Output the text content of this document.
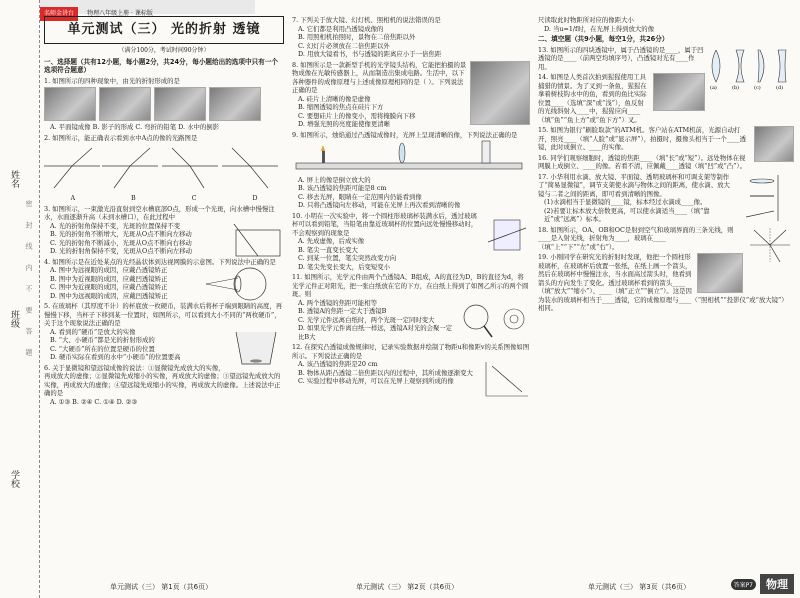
姓名
班级
学校
密 封 线 内 不 要 答 题
名师金讲台 物理八年级上册 · 课标版
单元测试（三） 光的折射 透镜
（满分100分，考试时间90分钟）
一、选择题（共有12小题，每小题2分，共24分，每小题给出的选项中只有一个选项符合题意）
1. 如图所示的四种现象中，由光的折射形成的是
A. 平面镜成像 B. 影子的形成 C. 弯折的铅笔 D. 水中的倒影
2. 如图所示，能正确表示看到水中A点的像的光路图是
A	B	C	D
3. 如图所示，一束激光沿直射到空水槽底部O点，形成一个光斑，向水槽中慢慢注水，水面逐渐升高（未到水槽口），在此过程中
A. 光的折射角保持不变，光斑的位置保持不变
B. 光的折射角不断增大，光斑从O点不断向左移动
C. 光的折射角不断减小，光斑从O点不断向右移动
D. 光的折射角保持不变，光斑从O点不断向左移动
4. 如图所示是在近处某点的光经晶状体到达视网膜的示意图。下列说法中正确的是
A. 图中为远视眼的成因，应戴凸透镜矫正
B. 图中为近视眼的成因，应戴凹透镜矫正
C. 图中为近视眼的成因，应戴凸透镜矫正
D. 图中为远视眼的成因，应戴凹透镜矫正
5. 在玻璃杯（其厚度不计）的杯底放一枚硬币，装满水后将杯子端到眼睛的高度，再慢慢下移，当杯子下移到某一位置时，如图所示，可以看到大小不同的“两枚硬币”，关于这个现象说法正确的是
A. 看到的“硬币”是放大的实像
B. “大、小硬币”都是光的折射形成的
C. “大硬币”所在的位置是硬币的位置
D. 硬币实际在看到的水中“小硬币”的位置要高
6. 关于显微镜和望远镜成像的说法：①显微镜先成放大的实像，再成放大的虚像；②显微镜先成缩小的实像，再成放大的虚像；③望远镜先成放大的实像，再成放大的虚像；④望远镜先成缩小的实像，再成放大的虚像。上述说法中正确的是
A. ①③ B. ②④ C. ①④ D. ②③
7. 下列关于放大镜、幻灯机、照相机的说法错误的是
A. 它们都是利用凸透镜成像的
B. 用照相机拍照时，景物在二倍焦距以外
C. 幻灯片必须放在二倍焦距以外
D. 用放大镜看书，书与透镜的距离应小于一倍焦距
8. 如图所示是一款新型手机的光学镜头结构，它能把拍摄的景物成像在光敏传感器上，从而制造出集成电路。生活中，以下各种器件的成像原理与上述成像原理相同的是（ ）。下列说法正确的是
A. 硅片上清晰的像是虚像
B. 缩图透镜的焦点在硅片下方
C. 要想硅片上的像变小，需将掩膜向下移
D. 增强光照的亮度能使像更清晰
9. 如图所示，烛焰通过凸透镜成像时，光屏上呈现清晰的像，下列说法正确的是
A. 屏上的像是倒立放大的
B. 该凸透镜的焦距可能是8 cm
C. 移去光屏，眼睛在一定范围内仍能看到像
D. 只将凸透镜向左移动，可能在光屏上再次看到清晰的像
10. 小明在一次实验中，将一个圆柱形玻璃杯装满水后，透过玻璃杯可以看到铅笔，当铅笔由靠近玻璃杯的位置向远处慢慢移动时，不会观察到的现象是
A. 先成虚像，后成实像
B. 笔尖一直变长变大
C. 到某一位置，笔尖突然改变方向
D. 笔尖先变长变大，后变短变小
11. 如图所示，光学元件由两个凸透镜A、B组成，A的直径为D，B的直径为d，将光学元件正对阳光，把一张白纸放在它的下方，在白纸上得到了如图乙所示的两个圆斑。则
A. 两个透镜的焦距可能相等
B. 透镜A的焦距一定大于透镜B
C. 光学元件远离白纸时，两个光斑一定同时变大
D. 如果光学元件离白纸一样远，透镜A对光的会聚一定比B大
12. 在探究凸透镜成像规律时，记录实验数据并绘制了物距u和像距v的关系图像如图所示。下列说法正确的是
A. 该凸透镜的焦距是20 cm
B. 物体从距凸透镜二倍焦距以内的过程中，其所成像逐渐变大
C. 实验过程中移动光屏，可以在光屏上观察到所成的像
尺读取此时物距所对应的像距大小
D. 当u=1/f时，在光屏上得到放大的像
二、填空题（共9小题，每空1分，共26分）
(a)	(b)	(c)	(d)
13. 如图所示的四块透镜中，属于凸透镜的是____，属于凹透镜的是____（前两空均填序号），凸透镜对光有____作用。
14. 如图是人类首次拍到猩猩使用工具捕猎的情景。为了叉到一条鱼，猩猩在拿着树枝钩水中的鱼，看到的鱼比实际位置____（选填“深”或“浅”），鱼反射的光线斜射入____中，猩猩应向____（填“鱼”“鱼上方”或“鱼下方”）叉。
15. 如图为银行“刷脸取款”的ATM机。客户站在ATM机前，光源自动打开，照亮____（填“人脸”或“显示屏”），拍摄时，摄像头相当于一个____透镜，此时成倒立、____的实像。
16. 同学们观察细胞时，透镜的焦距____（填“长”或“短”）。远处物体在视网膜上成倒立、____的像。若看不清，应佩戴____透镜（填“凹”或“凸”）。
17. 小华利用水滴、放大镜、平面镜、透明玻璃杯和可调支架等制作了“简易显微镜”，调节支架使水滴与物体之间的距离，使水滴、放大镜与二者之间的距离，即可看到清晰的图像。
(1)水滴相当于显微镜的____镜，标本经过水滴成____像。
(2)若要让标本放大倍数更高，可以使水滴适当____（填“靠近”或“远离”）标本。
18. 如图所示，OA、OB和OC是射到空气和玻璃界面的三条光线，则____是入射光线，折射角为____，玻璃在____（填“上”“下”“左”或“右”）。
19. 小刚同学在研究光的折射时发现，他把一个圆柱形玻璃杯，在玻璃杯后放置一张纸，在纸上画一个箭头，然后在玻璃杯中慢慢注水，当水面高过箭头时，他看到箭头的方向发生了变化。透过玻璃杯看到的箭头____（填“放大”“缩小”）、____（填“正立”“倒立”）。这是因为装水的玻璃杯相当于____透镜，它的成像原理与____（“照相机”“投影仪”或“放大镜”）相同。
单元测试（三） 第1页（共6页）	单元测试（三） 第2页（共6页）	单元测试（三） 第3页（共6页）	答案P7	物理
